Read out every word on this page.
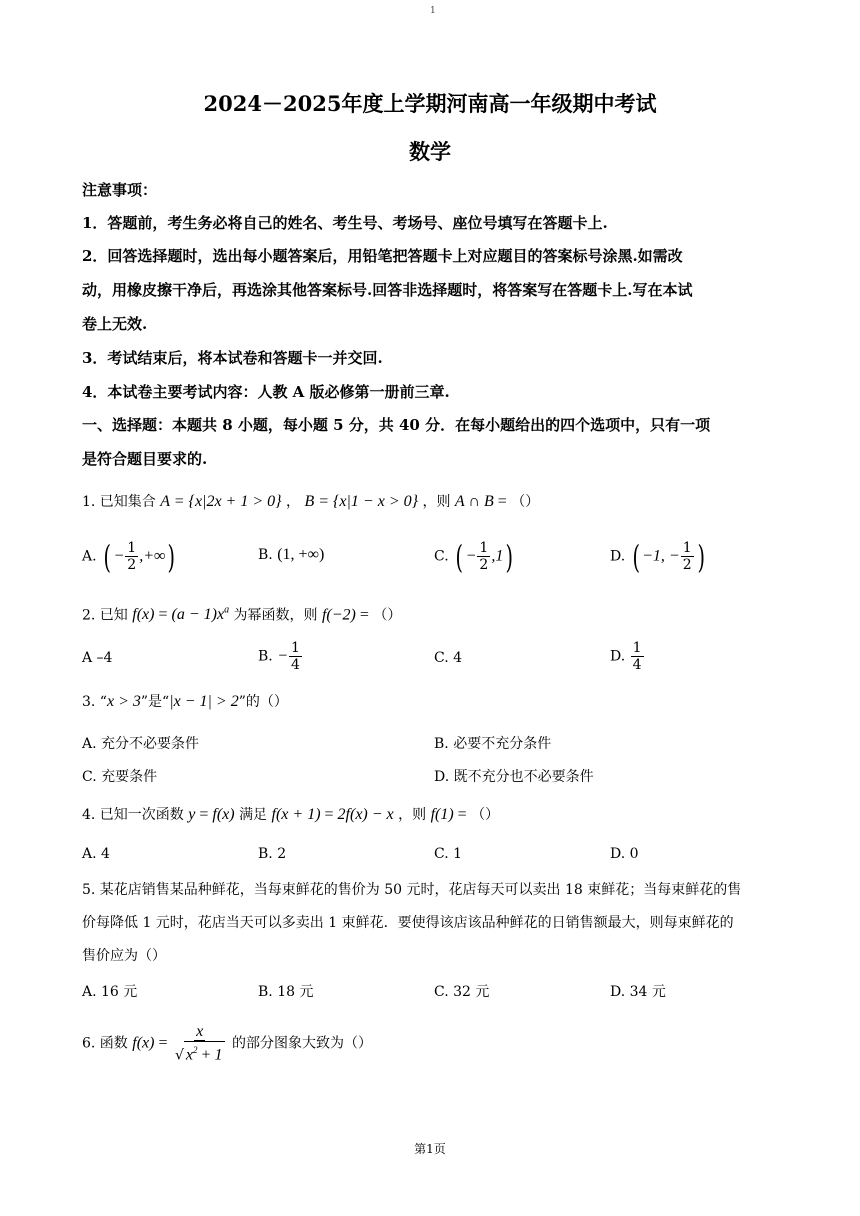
1
2024－2025年度上学期河南高一年级期中考试
数学
注意事项：
1．答题前，考生务必将自己的姓名、考生号、考场号、座位号填写在答题卡上.
2．回答选择题时，选出每小题答案后，用铅笔把答题卡上对应题目的答案标号涂黑.如需改
动，用橡皮擦干净后，再选涂其他答案标号.回答非选择题时，将答案写在答题卡上.写在本试
卷上无效.
3．考试结束后，将本试卷和答题卡一并交回.
4．本试卷主要考试内容：人教 A 版必修第一册前三章.
一、选择题：本题共 8 小题，每小题 5 分，共 40 分．在每小题给出的四个选项中，只有一项
是符合题目要求的.
1. 已知集合 A = {x|2x + 1 > 0} ， B = {x|1 − x > 0} ，则 A ∩ B = （）
A. ( − $\frac{1}{2}$ ,+∞)	B. (1, +∞)	C. ( − $\frac{1}{2} ,1$)	D. ( −1, − $\frac{1}{2}$ )
2. 已知 $f(x) = (a - 1)x^a$ 为幂函数，则 f(−2) = （）
A –4	B. − $\frac{1}{4}$	C. 4	D. $\frac{1}{4}$
3. “x > 3”是“|x − 1| > 2”的（）
A. 充分不必要条件	B. 必要不充分条件
C. 充要条件	D. 既不充分也不必要条件
4. 已知一次函数 y = f(x) 满足 f(x + 1) = 2f(x) − x ，则 f(1) = （）
A. 4	B. 2	C. 1	D. 0
5. 某花店销售某品种鲜花，当每束鲜花的售价为 50 元时，花店每天可以卖出 18 束鲜花；当每束鲜花的售
价每降低 1 元时，花店当天可以多卖出 1 束鲜花．要使得该店该品种鲜花的日销售额最大，则每束鲜花的
售价应为（）
A. 16 元	B. 18 元	C. 32 元	D. 34 元
6. 函数 $f(x) = \frac{x}{√ x^2 + 1}$ 的部分图象大致为（）
第1页
